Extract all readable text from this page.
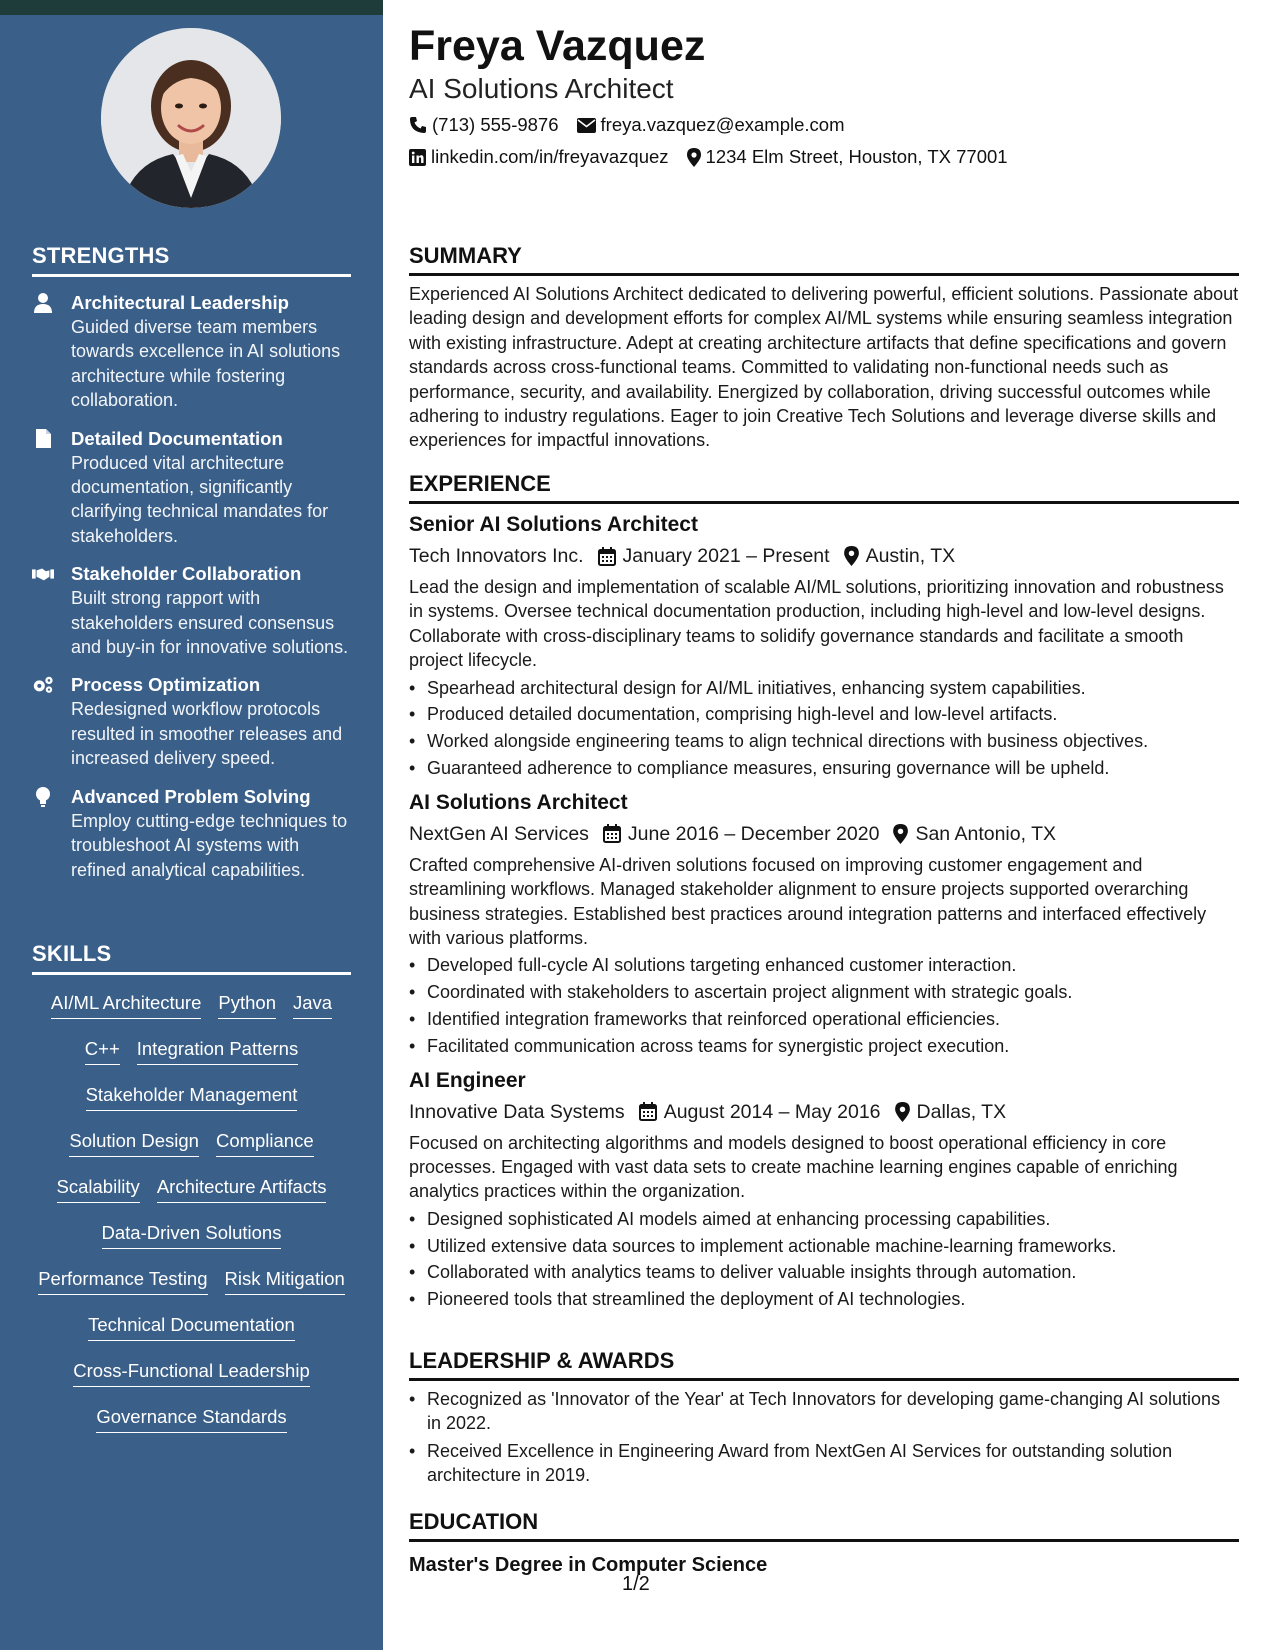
STRENGTHS
Architectural Leadership
Guided diverse team members towards excellence in AI solutions architecture while fostering collaboration.
Detailed Documentation
Produced vital architecture documentation, significantly clarifying technical mandates for stakeholders.
Stakeholder Collaboration
Built strong rapport with stakeholders ensured consensus and buy-in for innovative solutions.
Process Optimization
Redesigned workflow protocols resulted in smoother releases and increased delivery speed.
Advanced Problem Solving
Employ cutting-edge techniques to troubleshoot AI systems with refined analytical capabilities.
SKILLS
AI/ML Architecture Python Java
C++ Integration Patterns
Stakeholder Management
Solution Design Compliance
Scalability Architecture Artifacts
Data-Driven Solutions
Performance Testing Risk Mitigation
Technical Documentation
Cross-Functional Leadership
Governance Standards
Freya Vazquez
AI Solutions Architect
(713) 555-9876 freya.vazquez@example.com
linkedin.com/in/freyavazquez 1234 Elm Street, Houston, TX 77001
SUMMARY
Experienced AI Solutions Architect dedicated to delivering powerful, efficient solutions. Passionate about leading design and development efforts for complex AI/ML systems while ensuring seamless integration with existing infrastructure. Adept at creating architecture artifacts that define specifications and govern standards across cross-functional teams. Committed to validating non-functional needs such as performance, security, and availability. Energized by collaboration, driving successful outcomes while adhering to industry regulations. Eager to join Creative Tech Solutions and leverage diverse skills and experiences for impactful innovations.
EXPERIENCE
Senior AI Solutions Architect
Tech Innovators Inc. January 2021 – Present Austin, TX
Lead the design and implementation of scalable AI/ML solutions, prioritizing innovation and robustness in systems. Oversee technical documentation production, including high-level and low-level designs. Collaborate with cross-disciplinary teams to solidify governance standards and facilitate a smooth project lifecycle.
• Spearhead architectural design for AI/ML initiatives, enhancing system capabilities.
• Produced detailed documentation, comprising high-level and low-level artifacts.
• Worked alongside engineering teams to align technical directions with business objectives.
• Guaranteed adherence to compliance measures, ensuring governance will be upheld.
AI Solutions Architect
NextGen AI Services June 2016 – December 2020 San Antonio, TX
Crafted comprehensive AI-driven solutions focused on improving customer engagement and streamlining workflows. Managed stakeholder alignment to ensure projects supported overarching business strategies. Established best practices around integration patterns and interfaced effectively with various platforms.
• Developed full-cycle AI solutions targeting enhanced customer interaction.
• Coordinated with stakeholders to ascertain project alignment with strategic goals.
• Identified integration frameworks that reinforced operational efficiencies.
• Facilitated communication across teams for synergistic project execution.
AI Engineer
Innovative Data Systems August 2014 – May 2016 Dallas, TX
Focused on architecting algorithms and models designed to boost operational efficiency in core processes. Engaged with vast data sets to create machine learning engines capable of enriching analytics practices within the organization.
• Designed sophisticated AI models aimed at enhancing processing capabilities.
• Utilized extensive data sources to implement actionable machine-learning frameworks.
• Collaborated with analytics teams to deliver valuable insights through automation.
• Pioneered tools that streamlined the deployment of AI technologies.
LEADERSHIP & AWARDS
• Recognized as 'Innovator of the Year' at Tech Innovators for developing game-changing AI solutions in 2022.
• Received Excellence in Engineering Award from NextGen AI Services for outstanding solution architecture in 2019.
EDUCATION
Master's Degree in Computer Science
1/2
